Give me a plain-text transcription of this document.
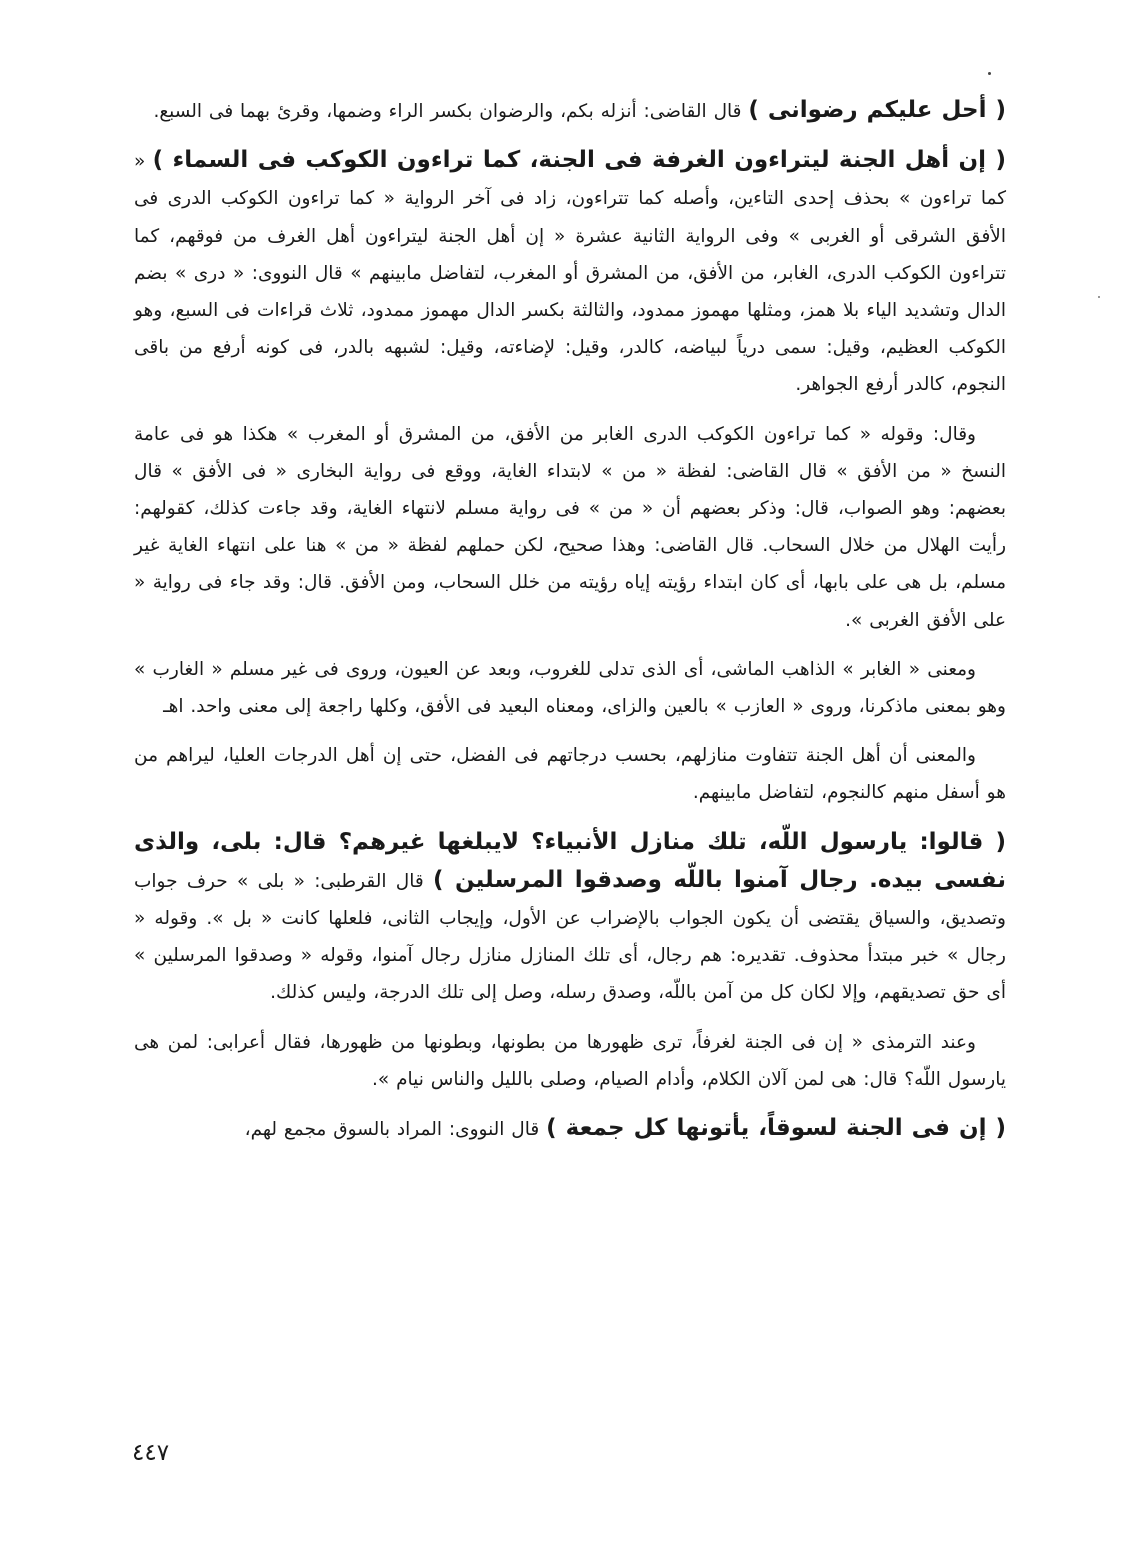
( أحل عليكم رضوانى ) قال القاضى: أنزله بكم، والرضوان بكسر الراء وضمها، وقرئ بهما فى السبع.

( إن أهل الجنة ليتراءون الغرفة فى الجنة، كما تراءون الكوكب فى السماء ) « كما تراءون » بحذف إحدى التاءين، وأصله كما تتراءون، زاد فى آخر الرواية « كما تراءون الكوكب الدرى فى الأفق الشرقى أو الغربى » وفى الرواية الثانية عشرة « إن أهل الجنة ليتراءون أهل الغرف من فوقهم، كما تتراءون الكوكب الدرى، الغابر، من الأفق، من المشرق أو المغرب، لتفاضل مابينهم » قال النووى: « درى » بضم الدال وتشديد الياء بلا همز، ومثلها مهموز ممدود، والثالثة بكسر الدال مهموز ممدود، ثلاث قراءات فى السبع، وهو الكوكب العظيم، وقيل: سمى درياً لبياضه، كالدر، وقيل: لإضاءته، وقيل: لشبهه بالدر، فى كونه أرفع من باقى النجوم، كالدر أرفع الجواهر.

وقال: وقوله « كما تراءون الكوكب الدرى الغابر من الأفق، من المشرق أو المغرب » هكذا هو فى عامة النسخ « من الأفق » قال القاضى: لفظة « من » لابتداء الغاية، ووقع فى رواية البخارى « فى الأفق » قال بعضهم: وهو الصواب، قال: وذكر بعضهم أن « من » فى رواية مسلم لانتهاء الغاية، وقد جاءت كذلك، كقولهم: رأيت الهلال من خلال السحاب. قال القاضى: وهذا صحيح، لكن حملهم لفظة « من » هنا على انتهاء الغاية غير مسلم، بل هى على بابها، أى كان ابتداء رؤيته إياه رؤيته من خلل السحاب، ومن الأفق. قال: وقد جاء فى رواية « على الأفق الغربى ».

ومعنى « الغابر » الذاهب الماشى، أى الذى تدلى للغروب، وبعد عن العيون، وروى فى غير مسلم « الغارب » وهو بمعنى ماذكرنا، وروى « العازب » بالعين والزاى، ومعناه البعيد فى الأفق، وكلها راجعة إلى معنى واحد. اهـ

والمعنى أن أهل الجنة تتفاوت منازلهم، بحسب درجاتهم فى الفضل، حتى إن أهل الدرجات العليا، ليراهم من هو أسفل منهم كالنجوم، لتفاضل مابينهم.

( قالوا: يارسول اللّه، تلك منازل الأنبياء؟ لايبلغها غيرهم؟ قال: بلى، والذى نفسى بيده. رجال آمنوا باللّه وصدقوا المرسلين ) قال القرطبى: « بلى » حرف جواب وتصديق، والسياق يقتضى أن يكون الجواب بالإضراب عن الأول، وإيجاب الثانى، فلعلها كانت « بل ». وقوله « رجال » خبر مبتدأ محذوف. تقديره: هم رجال، أى تلك المنازل منازل رجال آمنوا، وقوله « وصدقوا المرسلين » أى حق تصديقهم، وإلا لكان كل من آمن باللّه، وصدق رسله، وصل إلى تلك الدرجة، وليس كذلك.

وعند الترمذى « إن فى الجنة لغرفاً، ترى ظهورها من بطونها، وبطونها من ظهورها، فقال أعرابى: لمن هى يارسول اللّه؟ قال: هى لمن آلان الكلام، وأدام الصيام، وصلى بالليل والناس نيام ».

( إن فى الجنة لسوقاً، يأتونها كل جمعة ) قال النووى: المراد بالسوق مجمع لهم،

٤٤٧
